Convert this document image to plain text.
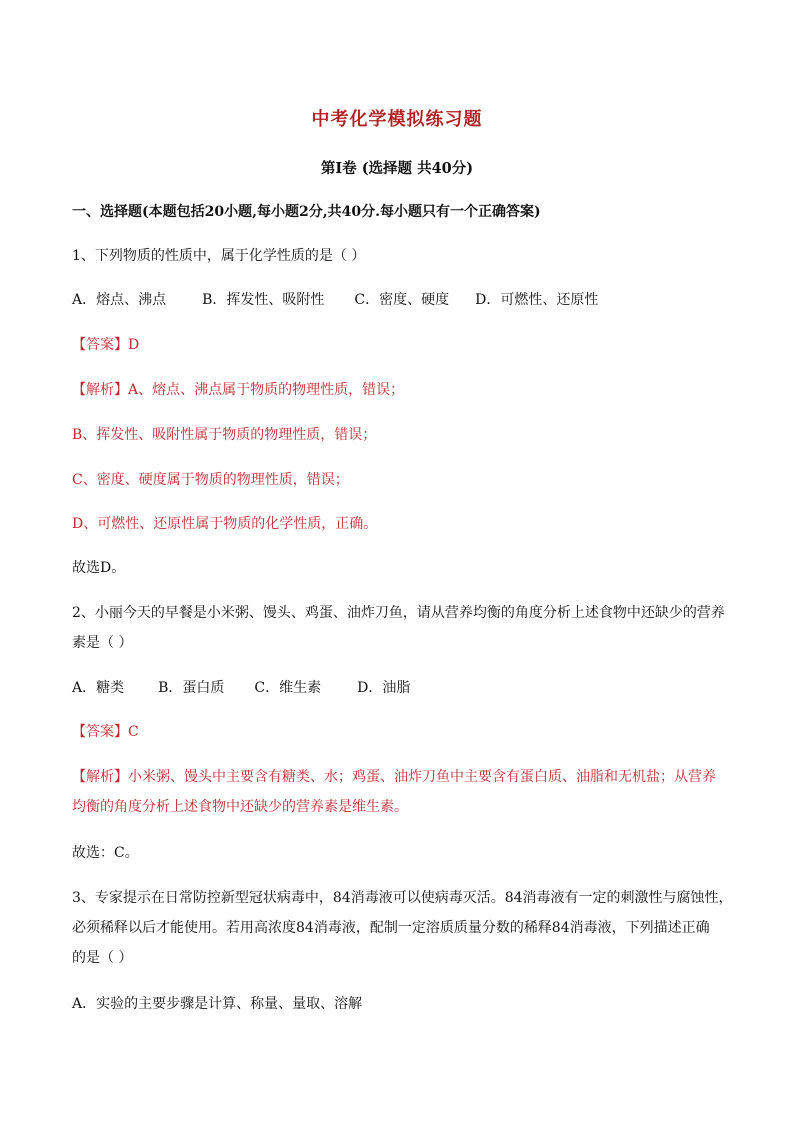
中考化学模拟练习题
第Ⅰ卷 (选择题 共40分)
一、选择题(本题包括20小题,每小题2分,共40分.每小题只有一个正确答案)
1、下列物质的性质中，属于化学性质的是（ ）
A．熔点、沸点	B．挥发性、吸附性 C．密度、硬度 D．可燃性、还原性
【答案】D
【解析】A、熔点、沸点属于物质的物理性质，错误；
B、挥发性、吸附性属于物质的物理性质，错误；
C、密度、硬度属于物质的物理性质，错误；
D、可燃性、还原性属于物质的化学性质，正确。
故选D。
2、小丽今天的早餐是小米粥、馒头、鸡蛋、油炸刀鱼，请从营养均衡的角度分析上述食物中还缺少的营养
素是（ ）
A．糖类 B．蛋白质 C．维生素	D．油脂
【答案】C
【解析】小米粥、馒头中主要含有糖类、水；鸡蛋、油炸刀鱼中主要含有蛋白质、油脂和无机盐；从营养
均衡的角度分析上述食物中还缺少的营养素是维生素。
故选：C。
3、专家提示在日常防控新型冠状病毒中，84消毒液可以使病毒灭活。84消毒液有一定的刺激性与腐蚀性，
必须稀释以后才能使用。若用高浓度84消毒液，配制一定溶质质量分数的稀释84消毒液，下列描述正确
的是（ ）
A．实验的主要步骤是计算、称量、量取、溶解
